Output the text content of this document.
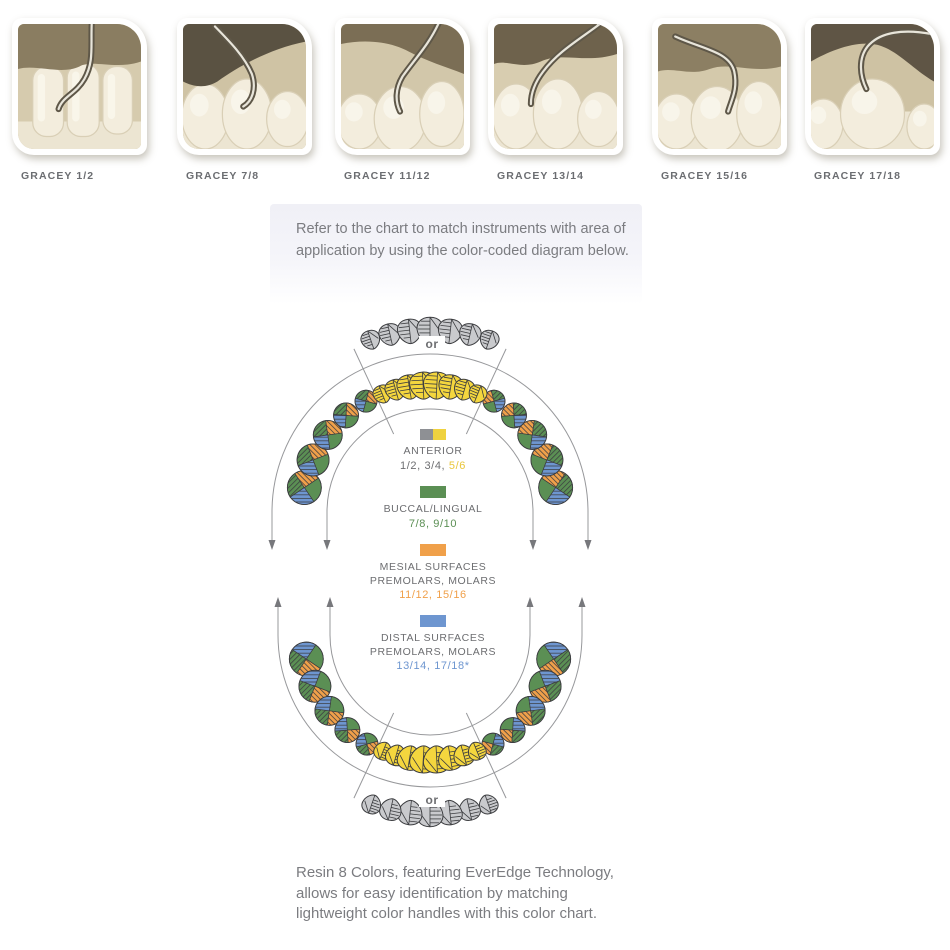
GRACEY 1/2	GRACEY 7/8	GRACEY 11/12	GRACEY 13/14	GRACEY 15/16	GRACEY 17/18
Refer to the chart to match instruments with area of
application by using the color-coded diagram below.
or
or
ANTERIOR
1/2, 3/4, 5/6
BUCCAL/LINGUAL
7/8, 9/10
MESIAL SURFACES
PREMOLARS, MOLARS
11/12, 15/16
DISTAL SURFACES
PREMOLARS, MOLARS
13/14, 17/18*
Resin 8 Colors, featuring EverEdge Technology,
allows for easy identification by matching
lightweight color handles with this color chart.
